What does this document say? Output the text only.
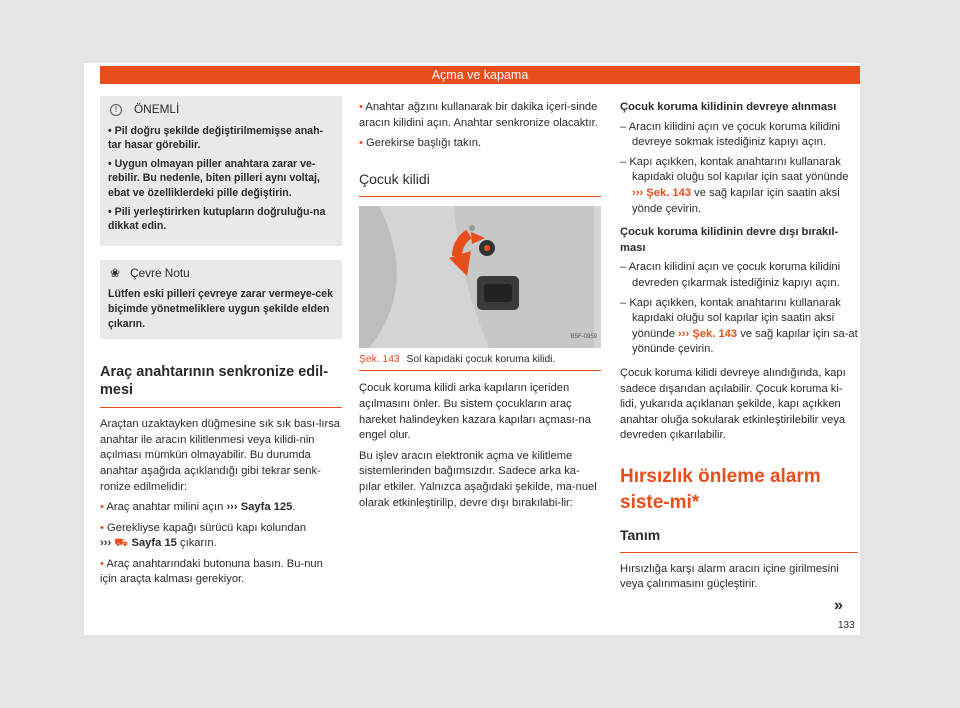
Açma ve kapama
!	ÖNEMLİ

• Pil doğru şekilde değiştirilmemişse anah-tar hasar görebilir.

• Uygun olmayan piller anahtara zarar ve-rebilir. Bu nedenle, biten pilleri aynı voltaj, ebat ve özelliklerdeki pille değiştirin.

• Pili yerleştirirken kutupların doğruluğu-na dikkat edin.

❀ Çevre Notu
Lütfen eski pilleri çevreye zarar vermeye-cek biçimde yönetmeliklere uygun şekilde elden çıkarın.
Araç anahtarının senkronize edil-mesi

Araçtan uzaktayken düğmesine sık sık bası-lırsa anahtar ile aracın kilitlenmesi veya kilidi-nin açılması mümkün olmayabilir. Bu durumda anahtar aşağıda açıklandığı gibi tekrar senk-ronize edilmelidir:

• Araç anahtar milini açın ››› Sayfa 125.

• Gerekliyse kapağı sürücü kapı kolundan
››› ⛟ Sayfa 15 çıkarın.

• Araç anahtarındaki butonuna basın. Bu-nun için araçta kalması gerekiyor.

• Anahtar ağzını kullanarak bir dakika içeri-sinde aracın kilidini açın. Anahtar senkronize olacaktır.

• Gerekirse başlığı takın.

Çocuk kilidi
B5F-0959
Şek. 143 Sol kapıdaki çocuk koruma kilidi.

Çocuk koruma kilidi arka kapıların içeriden açılmasını önler. Bu sistem çocukların araç hareket halindeyken kazara kapıları açması-na engel olur.

Bu işlev aracın elektronik açma ve kilitleme sistemlerinden bağımsızdır. Sadece arka ka-pılar etkiler. Yalnızca aşağıdaki şekilde, ma-nuel olarak etkinleştirilip, devre dışı bırakılabi-lir:

Çocuk koruma kilidinin devreye alınması

– Aracın kilidini açın ve çocuk koruma kilidini devreye sokmak istediğiniz kapıyı açın.

– Kapı açıkken, kontak anahtarını kullanarak kapıdaki oluğu sol kapılar için saat yönünde ››› Şek. 143 ve sağ kapılar için saatin aksi yönde çevirin.

Çocuk koruma kilidinin devre dışı bırakıl-ması

– Aracın kilidini açın ve çocuk koruma kilidini devreden çıkarmak istediğiniz kapıyı açın.

– Kapı açıkken, kontak anahtarını kullanarak kapıdaki oluğu sol kapılar için saatin aksi yönünde ››› Şek. 143 ve sağ kapılar için sa-at yönünde çevirin.

Çocuk koruma kilidi devreye alındığında, kapı sadece dışarıdan açılabilir. Çocuk koruma ki-lidi, yukarıda açıklanan şekilde, kapı açıkken anahtar oluğa sokularak etkinleştirilebilir veya devreden çıkarılabilir.

Hırsızlık önleme alarm siste-mi*
Tanım

Hırsızlığa karşı alarm aracın içine girilmesini veya çalınmasını güçleştirir.

»
133
